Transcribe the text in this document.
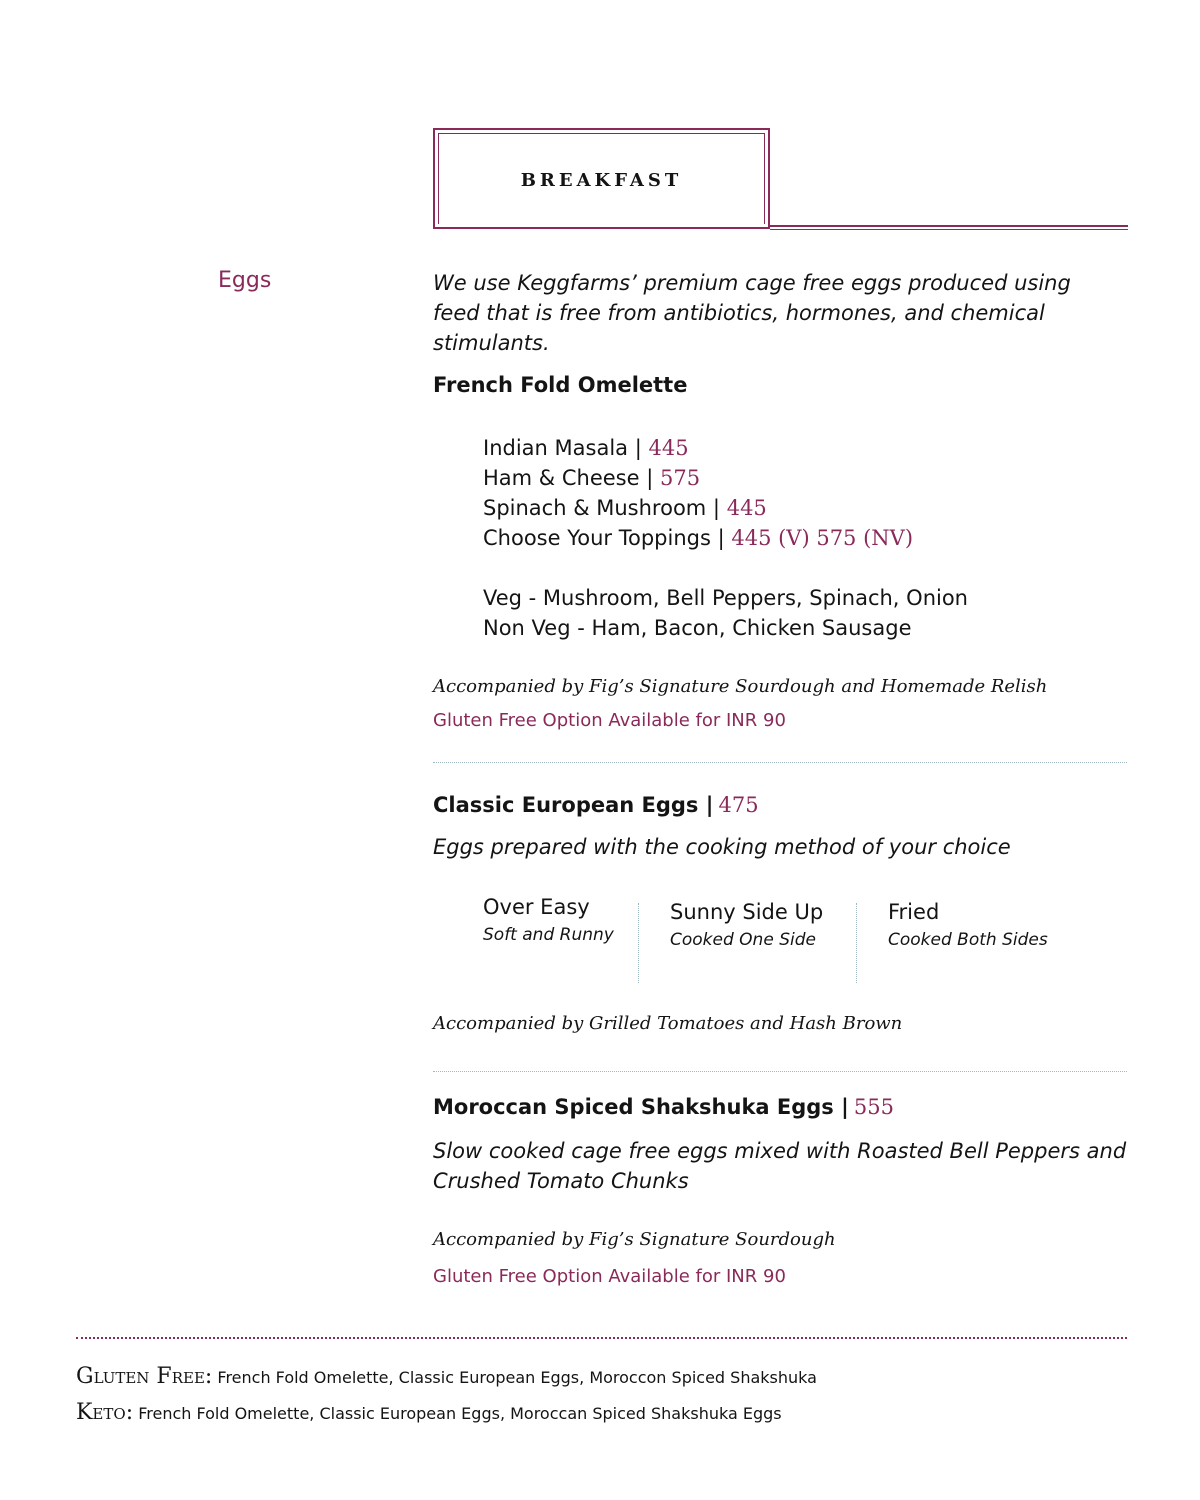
BREAKFAST
Eggs	We use Keggfarms’ premium cage free eggs produced using feed that is free from antibiotics, hormones, and chemical stimulants.
French Fold Omelette
Indian Masala | 445
Ham & Cheese | 575
Spinach & Mushroom | 445
Choose Your Toppings | 445 (V) 575 (NV)
Veg - Mushroom, Bell Peppers, Spinach, Onion
Non Veg - Ham, Bacon, Chicken Sausage
Accompanied by Fig’s Signature Sourdough and Homemade Relish
Gluten Free Option Available for INR 90
Classic European Eggs | 475
Eggs prepared with the cooking method of your choice
Over Easy
Soft and Runny
Sunny Side Up
Cooked One Side
Fried
Cooked Both Sides
Accompanied by Grilled Tomatoes and Hash Brown
Moroccan Spiced Shakshuka Eggs | 555
Slow cooked cage free eggs mixed with Roasted Bell Peppers and
Crushed Tomato Chunks
Accompanied by Fig’s Signature Sourdough
Gluten Free Option Available for INR 90
Gluten Free: French Fold Omelette, Classic European Eggs, Moroccon Spiced Shakshuka
Keto: French Fold Omelette, Classic European Eggs, Moroccan Spiced Shakshuka Eggs
